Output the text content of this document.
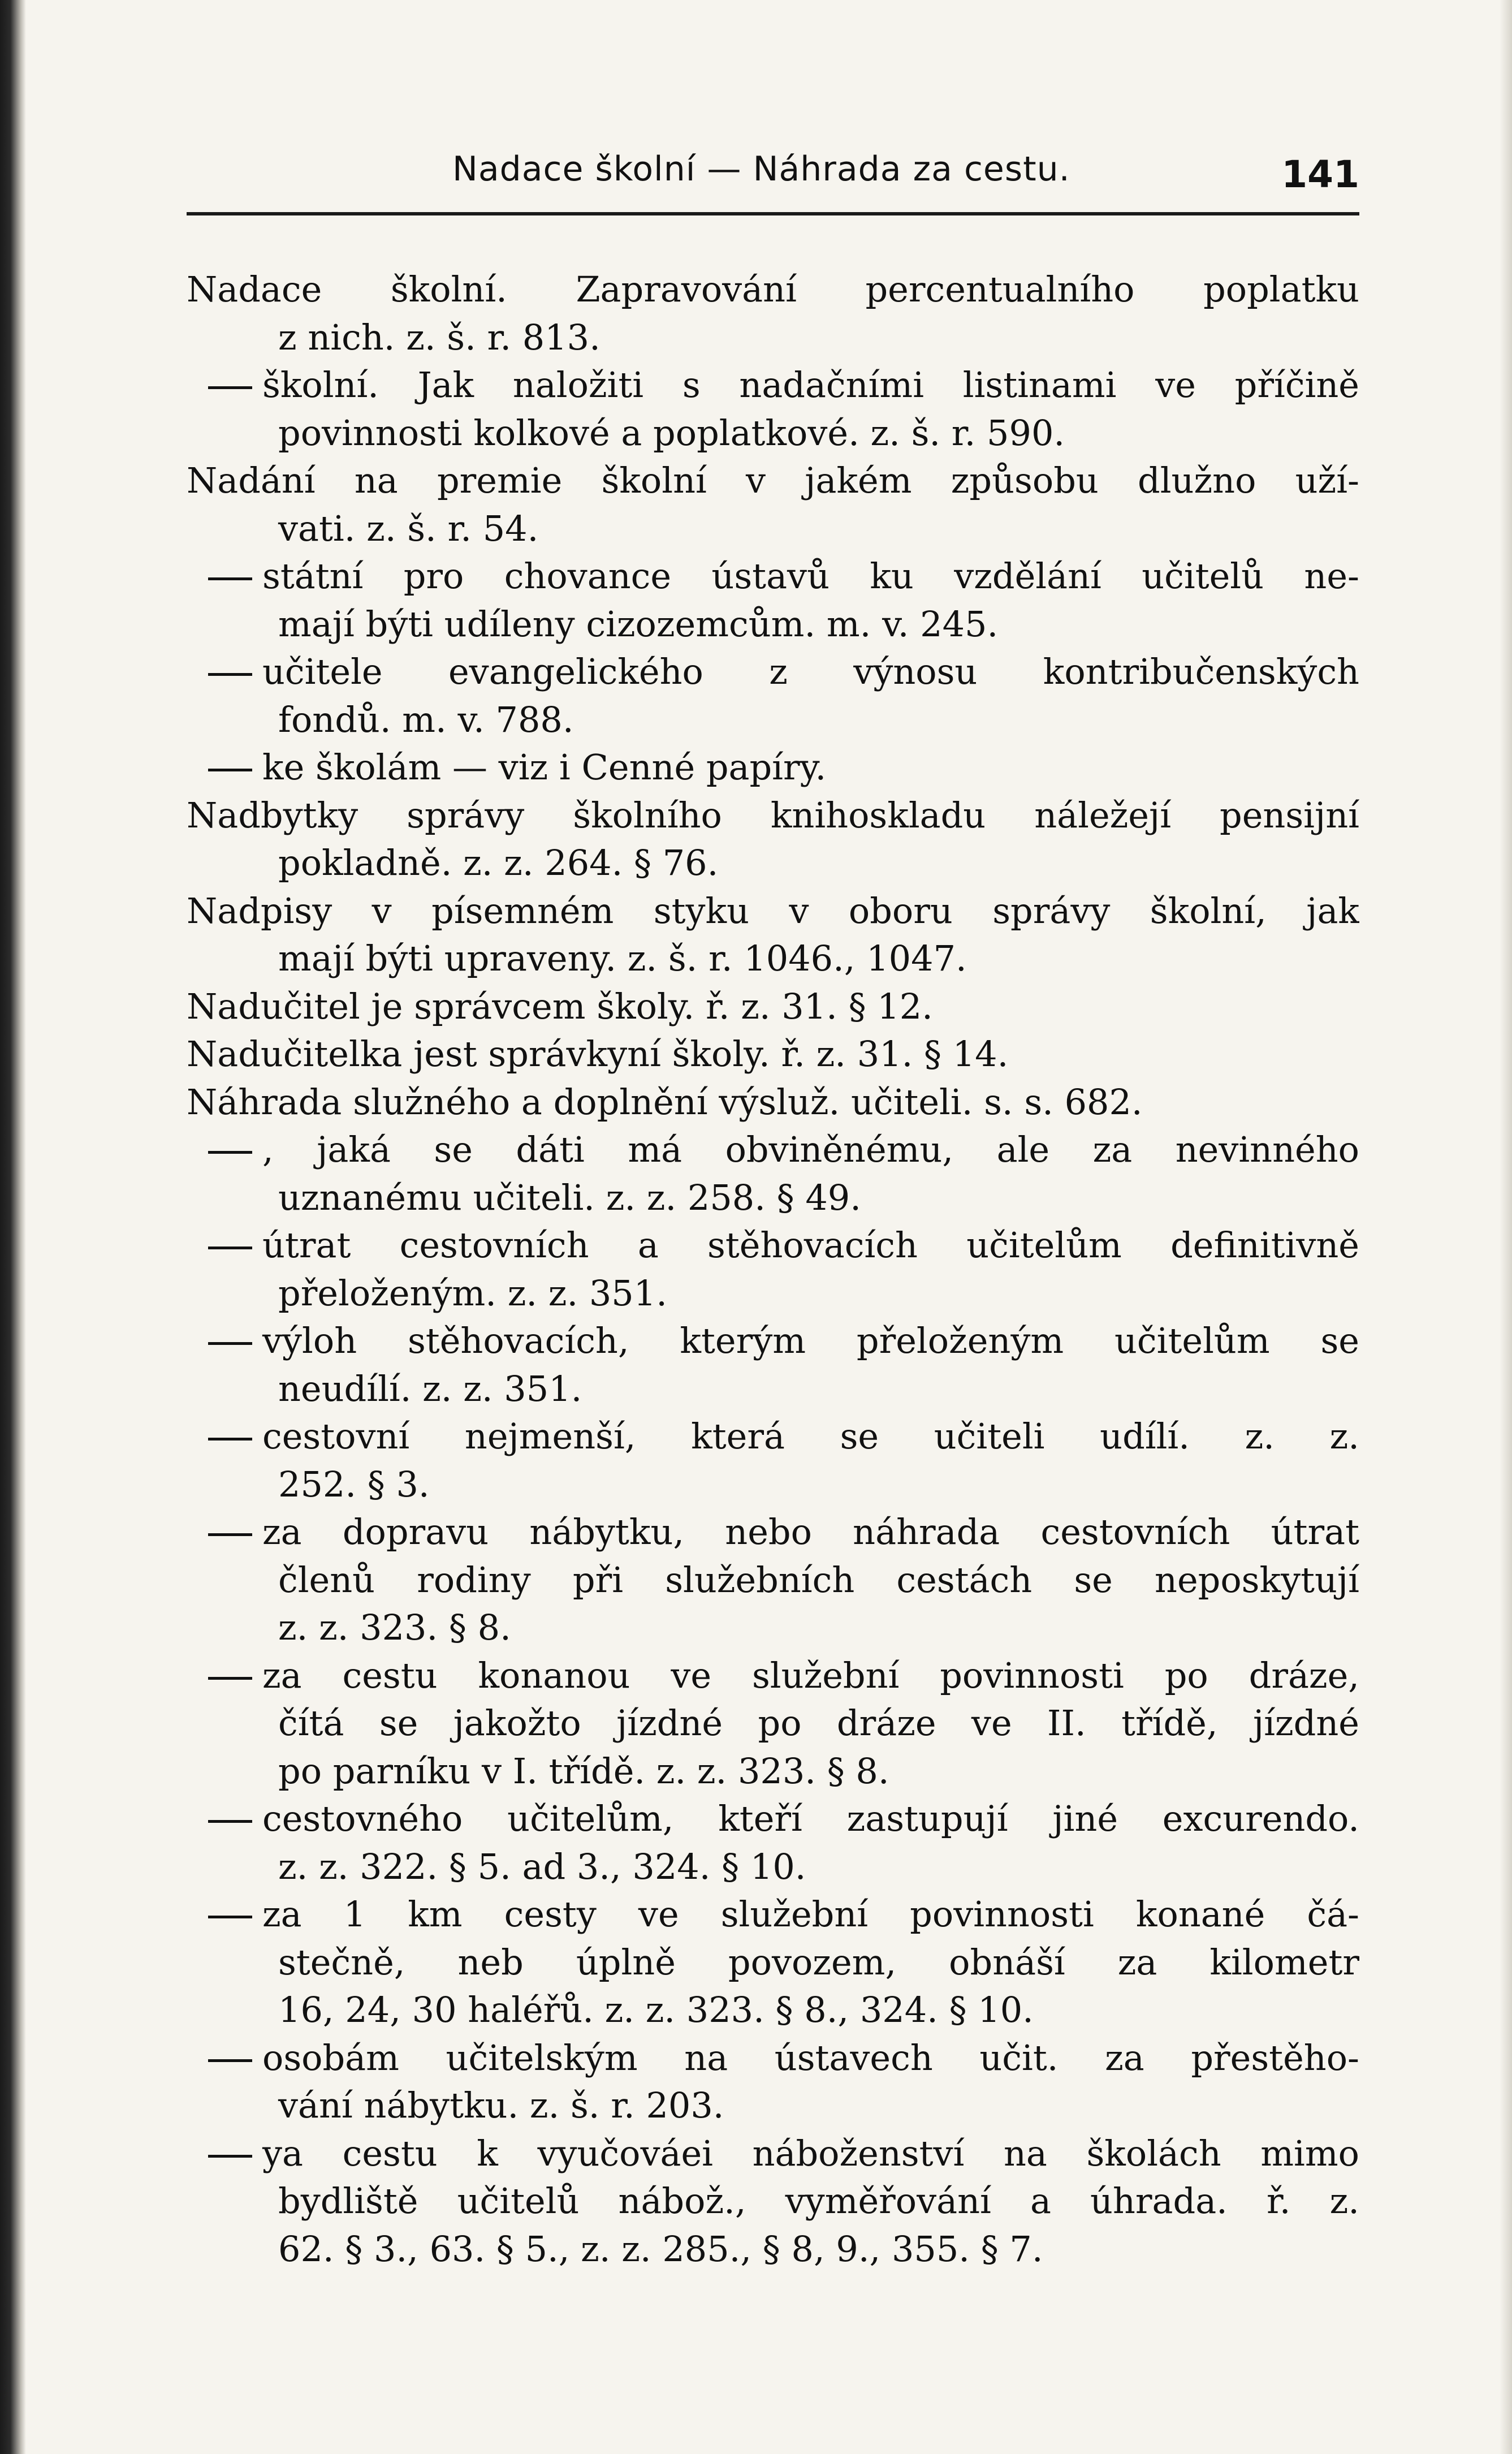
Nadace školní — Náhrada za cestu.	141
Nadace školní. Zapravování percentualního poplatku
z nich. z. š. r. 813.
školní. Jak naložiti s nadačními listinami ve příčině
povinnosti kolkové a poplatkové. z. š. r. 590.
Nadání na premie školní v jakém způsobu dlužno uží-
vati. z. š. r. 54.
státní pro chovance ústavů ku vzdělání učitelů ne-
mají býti udíleny cizozemcům. m. v. 245.
učitele evangelického z výnosu kontribučenských
fondů. m. v. 788.
ke školám — viz i Cenné papíry.
Nadbytky správy školního knihoskladu náležejí pensijní
pokladně. z. z. 264. § 76.
Nadpisy v písemném styku v oboru správy školní, jak
mají býti upraveny. z. š. r. 1046., 1047.
Nadučitel je správcem školy. ř. z. 31. § 12.
Nadučitelka jest správkyní školy. ř. z. 31. § 14.
Náhrada služného a doplnění výsluž. učiteli. s. s. 682.
, jaká se dáti má obviněnému, ale za nevinného
uznanému učiteli. z. z. 258. § 49.
útrat cestovních a stěhovacích učitelům definitivně
přeloženým. z. z. 351.
výloh stěhovacích, kterým přeloženým učitelům se
neudílí. z. z. 351.
cestovní nejmenší, která se učiteli udílí. z. z.
252. § 3.
za dopravu nábytku, nebo náhrada cestovních útrat
členů rodiny při služebních cestách se neposkytují
z. z. 323. § 8.
za cestu konanou ve služební povinnosti po dráze,
čítá se jakožto jízdné po dráze ve II. třídě, jízdné
po parníku v I. třídě. z. z. 323. § 8.
cestovného učitelům, kteří zastupují jiné excurendo.
z. z. 322. § 5. ad 3., 324. § 10.
za 1 km cesty ve služební povinnosti konané čá-
stečně, neb úplně povozem, obnáší za kilometr
16, 24, 30 haléřů. z. z. 323. § 8., 324. § 10.
osobám učitelským na ústavech učit. za přestěho-
vání nábytku. z. š. r. 203.
ya cestu k vyučováei náboženství na školách mimo
bydliště učitelů nábož., vyměřování a úhrada. ř. z.
62. § 3., 63. § 5., z. z. 285., § 8, 9., 355. § 7.
